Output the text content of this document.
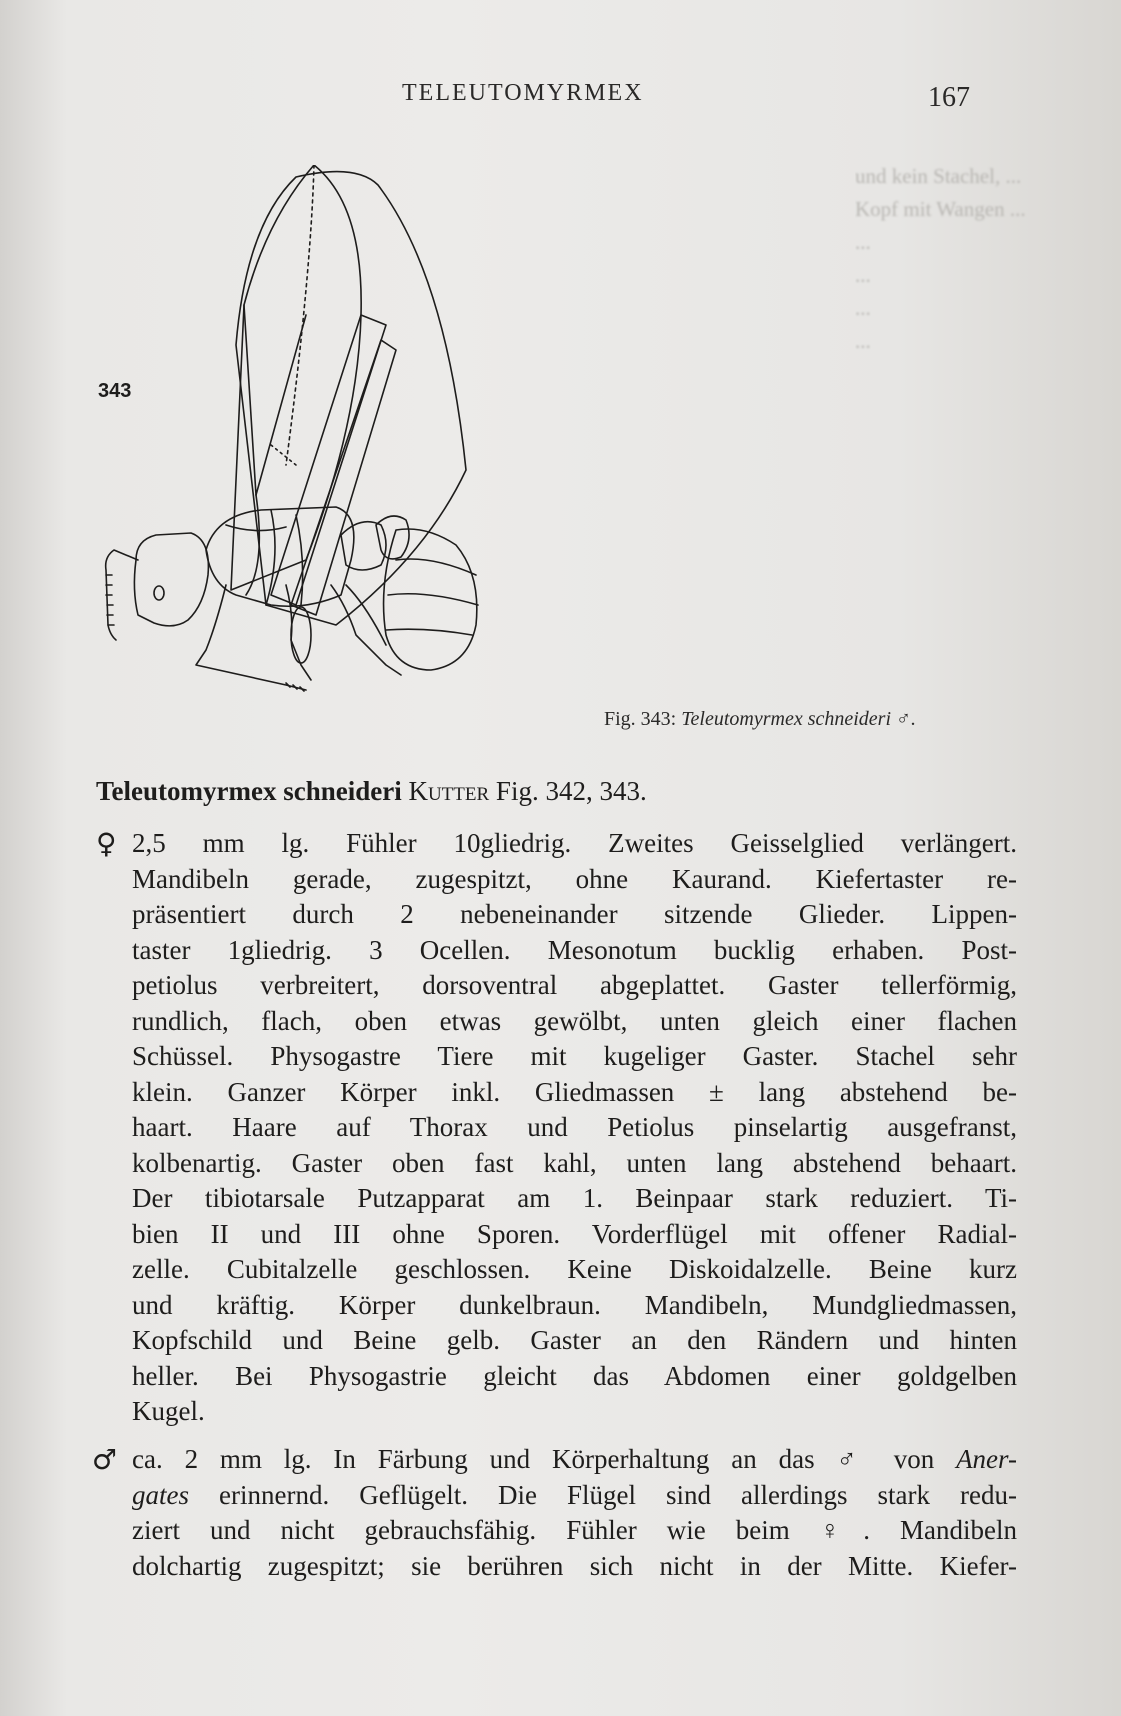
und kein Stachel, ...
Kopf mit Wangen ...
...
...
...
...
TELEUTOMYRMEX	167
343
Fig. 343: Teleutomyrmex schneideri ♂.
Teleutomyrmex schneideri Kutter Fig. 342, 343.
♀ 2,5 mm lg. Fühler 10gliedrig. Zweites Geisselglied verlängert.
Mandibeln gerade, zugespitzt, ohne Kaurand. Kiefertaster re-
präsentiert durch 2 nebeneinander sitzende Glieder. Lippen-
taster 1gliedrig. 3 Ocellen. Mesonotum bucklig erhaben. Post-
petiolus verbreitert, dorsoventral abgeplattet. Gaster tellerförmig,
rundlich, flach, oben etwas gewölbt, unten gleich einer flachen
Schüssel. Physogastre Tiere mit kugeliger Gaster. Stachel sehr
klein. Ganzer Körper inkl. Gliedmassen ± lang abstehend be-
haart. Haare auf Thorax und Petiolus pinselartig ausgefranst,
kolbenartig. Gaster oben fast kahl, unten lang abstehend behaart.
Der tibiotarsale Putzapparat am 1. Beinpaar stark reduziert. Ti-
bien II und III ohne Sporen. Vorderflügel mit offener Radial-
zelle. Cubitalzelle geschlossen. Keine Diskoidalzelle. Beine kurz
und kräftig. Körper dunkelbraun. Mandibeln, Mundgliedmassen,
Kopfschild und Beine gelb. Gaster an den Rändern und hinten
heller. Bei Physogastrie gleicht das Abdomen einer goldgelben
Kugel.
♂ ca. 2 mm lg. In Färbung und Körperhaltung an das ♂ von Aner-
gates erinnernd. Geflügelt. Die Flügel sind allerdings stark redu-
ziert und nicht gebrauchsfähig. Fühler wie beim ♀. Mandibeln
dolchartig zugespitzt; sie berühren sich nicht in der Mitte. Kiefer-
